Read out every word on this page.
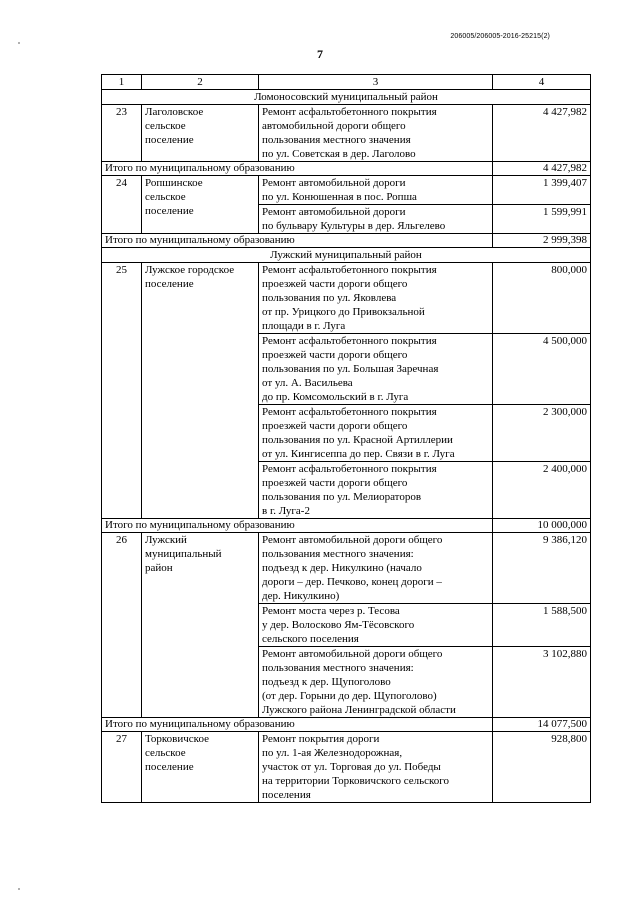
206005/206005-2016-25215(2)
7
1	2	3	4
Ломоносовский муниципальный район			
23	Лаголовское
сельское
поселение	Ремонт асфальтобетонного покрытия
автомобильной дороги общего
пользования местного значения
по ул. Советская в дер. Лаголово	4 427,982
Итого по муниципальному образованию			4 427,982
24	Ропшинское
сельское
поселение	Ремонт автомобильной дороги
по ул. Конюшенная в пос. Ропша	1 399,407
		Ремонт автомобильной дороги
по бульвару Культуры в дер. Яльгелево	1 599,991
Итого по муниципальному образованию			2 999,398
Лужский муниципальный район			
25	Лужское городское
поселение	Ремонт асфальтобетонного покрытия
проезжей части дороги общего
пользования по ул. Яковлева
от пр. Урицкого до Привокзальной
площади в г. Луга	800,000
		Ремонт асфальтобетонного покрытия
проезжей части дороги общего
пользования по ул. Большая Заречная
от ул. А. Васильева
до пр. Комсомольский в г. Луга	4 500,000
		Ремонт асфальтобетонного покрытия
проезжей части дороги общего
пользования по ул. Красной Артиллерии
от ул. Кингисеппа до пер. Связи в г. Луга	2 300,000
		Ремонт асфальтобетонного покрытия
проезжей части дороги общего
пользования по ул. Мелиораторов
в г. Луга-2	2 400,000
Итого по муниципальному образованию			10 000,000
26	Лужский
муниципальный
район	Ремонт автомобильной дороги общего
пользования местного значения:
подъезд к дер. Никулкино (начало
дороги – дер. Печково, конец дороги –
дер. Никулкино)	9 386,120
		Ремонт моста через р. Тесова
у дер. Волосково Ям-Тёсовского
сельского поселения	1 588,500
		Ремонт автомобильной дороги общего
пользования местного значения:
подъезд к дер. Щупоголово
(от дер. Горыни до дер. Щупоголово)
Лужского района Ленинградской области	3 102,880
Итого по муниципальному образованию			14 077,500
27	Торковичское
сельское
поселение	Ремонт покрытия дороги
по ул. 1-ая Железнодорожная,
участок от ул. Торговая до ул. Победы
на территории Торковичского сельского
поселения	928,800
